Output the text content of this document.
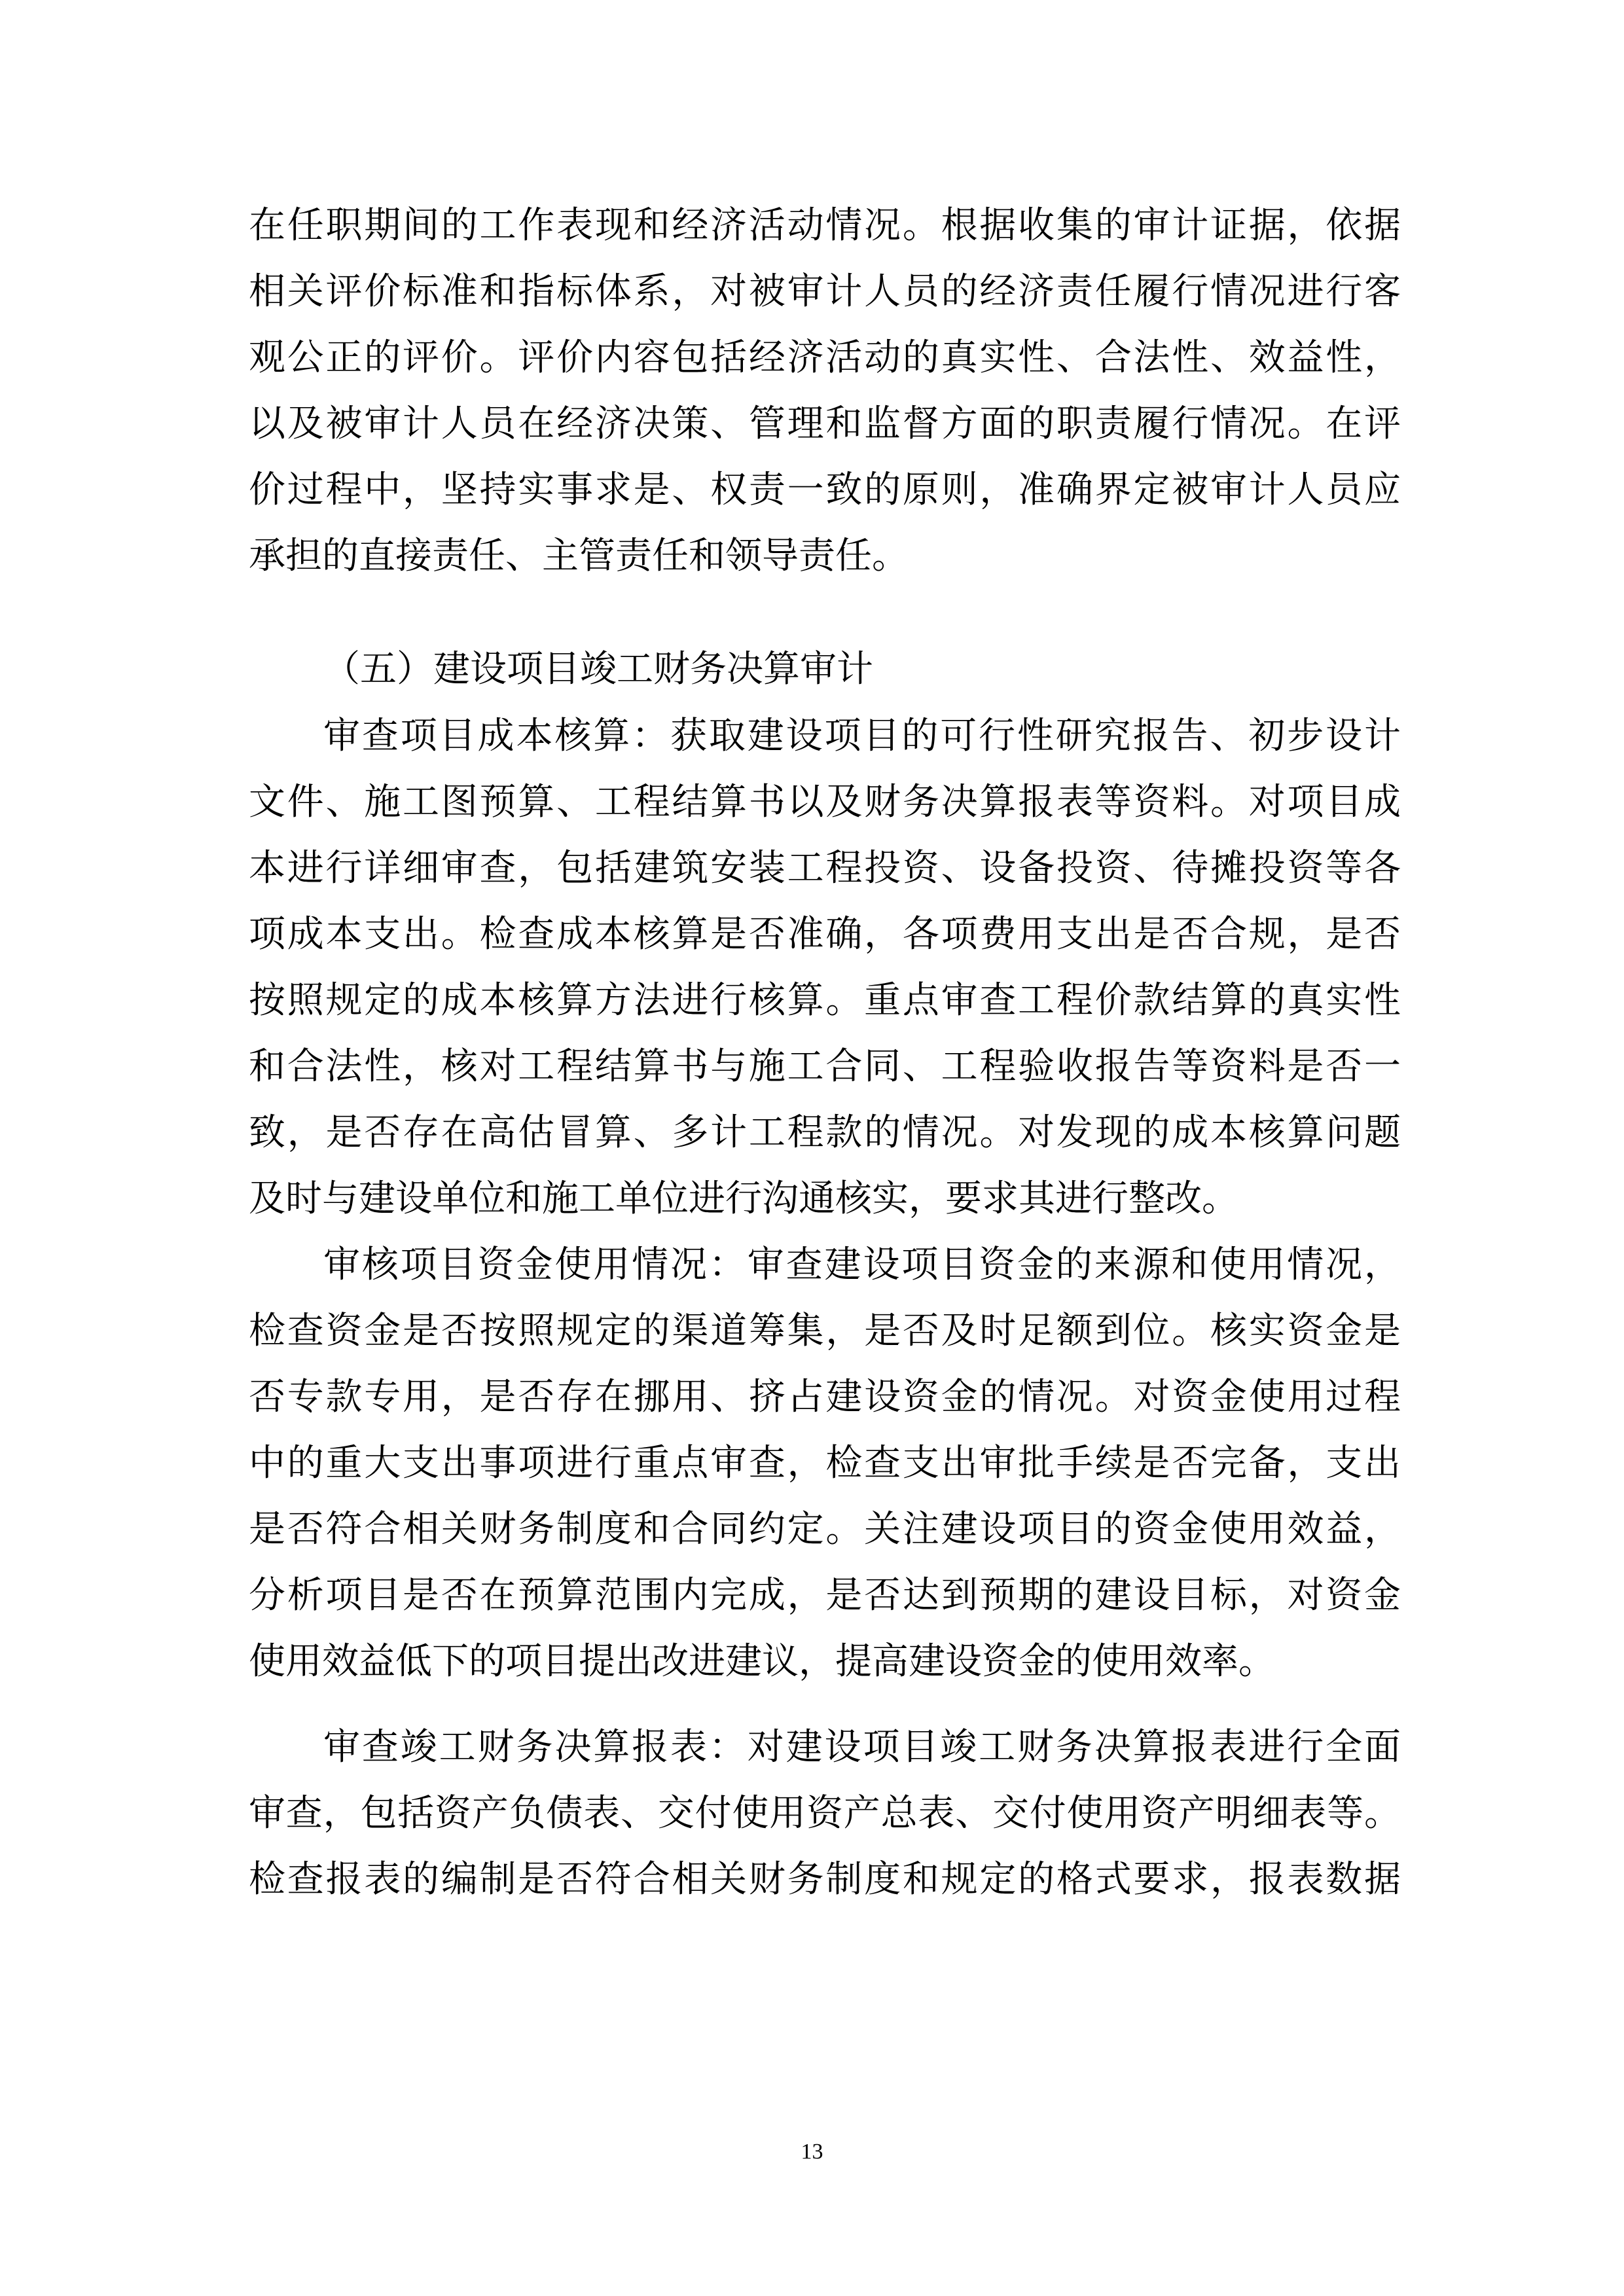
在任职期间的工作表现和经济活动情况。根据收集的审计证据，依据
相关评价标准和指标体系，对被审计人员的经济责任履行情况进行客
观公正的评价。评价内容包括经济活动的真实性、合法性、效益性，
以及被审计人员在经济决策、管理和监督方面的职责履行情况。在评
价过程中，坚持实事求是、权责一致的原则，准确界定被审计人员应
承担的直接责任、主管责任和领导责任。
（五）建设项目竣工财务决算审计
审查项目成本核算：获取建设项目的可行性研究报告、初步设计
文件、施工图预算、工程结算书以及财务决算报表等资料。对项目成
本进行详细审查，包括建筑安装工程投资、设备投资、待摊投资等各
项成本支出。检查成本核算是否准确，各项费用支出是否合规，是否
按照规定的成本核算方法进行核算。重点审查工程价款结算的真实性
和合法性，核对工程结算书与施工合同、工程验收报告等资料是否一
致，是否存在高估冒算、多计工程款的情况。对发现的成本核算问题
及时与建设单位和施工单位进行沟通核实，要求其进行整改。
审核项目资金使用情况：审查建设项目资金的来源和使用情况，
检查资金是否按照规定的渠道筹集，是否及时足额到位。核实资金是
否专款专用，是否存在挪用、挤占建设资金的情况。对资金使用过程
中的重大支出事项进行重点审查，检查支出审批手续是否完备，支出
是否符合相关财务制度和合同约定。关注建设项目的资金使用效益，
分析项目是否在预算范围内完成，是否达到预期的建设目标，对资金
使用效益低下的项目提出改进建议，提高建设资金的使用效率。
审查竣工财务决算报表：对建设项目竣工财务决算报表进行全面
审查，包括资产负债表、交付使用资产总表、交付使用资产明细表等。
检查报表的编制是否符合相关财务制度和规定的格式要求，报表数据
13
